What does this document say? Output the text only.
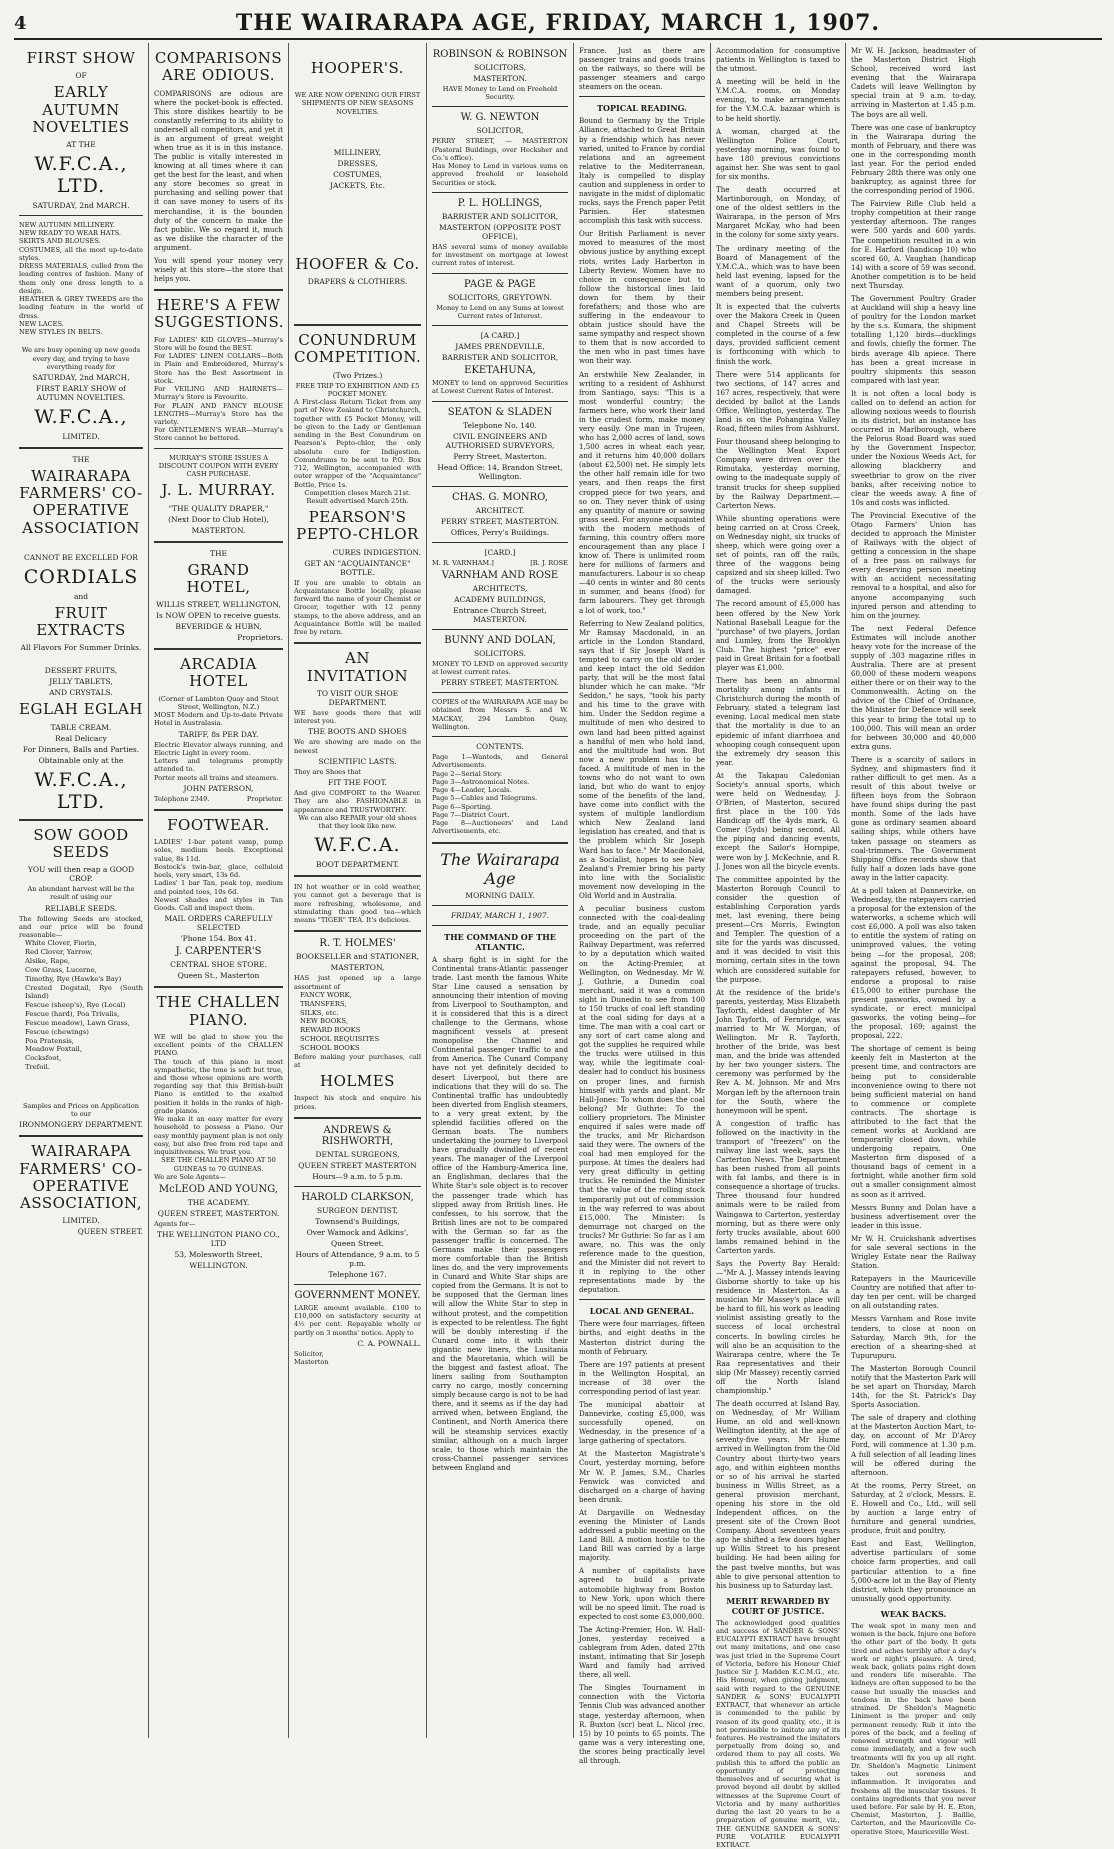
4	THE WAIRARAPA AGE, FRIDAY, MARCH 1, 1907.
FIRST SHOW
OF
EARLY AUTUMN NOVELTIES
AT THE
W.F.C.A., LTD.
SATURDAY, 2nd MARCH.

NEW AUTUMN MILLINERY.

NEW READY TO WEAR HATS.

SKIRTS AND BLOUSES.

COSTUMES, all the most up-to-date styles.

DRESS MATERIALS, culled from the leading centres of fashion. Many of them only one dress length to a design.

HEATHER & GREY TWEEDS are the leading feature in the world of dress.

NEW LACES.

NEW STYLES IN BELTS.

We are busy opening up new goods every day, and trying to have everything ready for

SATURDAY, 2nd MARCH,
FIRST EARLY SHOW of AUTUMN NOVELTIES.
W.F.C.A.,
LIMITED.
THE
WAIRARAPA FARMERS' CO-OPERATIVE ASSOCIATION
CANNOT BE EXCELLED FOR
CORDIALS
and
FRUIT EXTRACTS
All Flavors For Summer Drinks.
DESSERT FRUITS,
JELLY TABLETS,
AND CRYSTALS.
EGLAH EGLAH
TABLE CREAM.
Real Delicacy
For Dinners, Balls and Parties.
Obtainable only at the
W.F.C.A., LTD.
SOW GOOD SEEDS
YOU will then reap a GOOD CROP.

An abundant harvest will be the result of using our

RELIABLE SEEDS.

The following Seeds are stocked, and our price will be found reasonable—

White Clover, Fiorin,

Red Clover, Yarrow,

Alsike, Rape,

Cow Grass, Lucerne,

Timothy, Rye (Hawke's Bay)

Crested Dogstail, Rye (South Island)

Fescue (sheep's), Rye (Local)

Fescue (hard), Poa Trivalis,

Fescue meadow), Lawn Grass,

Fescue (chewings)

Poa Pratensis,

Meadow Foxtail,

Cocksfoot,

Trefoil.

Samples and Prices on Application to our

IRONMONGERY DEPARTMENT.
WAIRARAPA FARMERS' CO-OPERATIVE ASSOCIATION,
LIMITED.
QUEEN STREET.
COMPARISONS ARE ODIOUS.

COMPARISONS are odious are where the pocket-book is effected. This store dislikes heartily to be constantly referring to its ability to undersell all competitors, and yet it is an argument of great weight when true as it is in this instance. The public is vitally interested in knowing at all times where it can get the best for the least, and when any store becomes so great in purchasing and selling power that it can save money to users of its merchandise, it is the bounden duty of the concern to make the fact public. We so regard it, much as we dislike the character of the argument.

You will spend your money very wisely at this store—the store that helps you.

HERE'S A FEW SUGGESTIONS.

For LADIES' KID GLOVES—Murray's Store will be found the BEST.

For LADIES' LINEN COLLARS—Both in Plain and Embroidered, Murray's Store has the Best Assortment in stock.

For VEILING AND HAIRNETS—Murray's Store is Favourite.

For PLAIN AND FANCY BLOUSE LENGTHS—Murray's Store has the variety.

For GENTLEMEN'S WEAR—Murray's Store cannot be bettered.

MURRAY'S STORE ISSUES A DISCOUNT COUPON WITH EVERY CASH PURCHASE.

J. L. MURRAY.
"THE QUALITY DRAPER,"
(Next Door to Club Hotel),
MASTERTON.
THE
GRAND HOTEL,
WILLIS STREET, WELLINGTON,
Is NOW OPEN to receive guests.
BEVERIDGE & HUBN,
Proprietors.
ARCADIA HOTEL

(Corner of Lambton Quay and Stout Street, Wellington, N.Z.)

MOST Modern and Up-to-date Private Hotel in Australasia.

TARIFF, 8s PER DAY.

Electric Elevator always running, and Electric Light in every room.

Letters and telegrams promptly attended to.

Porter meets all trains and steamers.

JOHN PATERSON,
Telephone 2349.	Proprietor.
FOOTWEAR.

LADIES' 1-bar patent vamp, pump soles, medium heels. Exceptional value, 8s 11d.

Bostock's twin-bar, glace, celluloid heels, very smart, 13s 6d.

Ladies' 1 bar Tan, peak top, medium and pointed toes, 10s 6d.

Newest shades and styles in Tan Goods. Call and inspect them.

MAIL ORDERS CAREFULLY SELECTED
'Phone 154. Box 41.
J. CARPENTER'S
CENTRAL SHOE STORE.
Queen St., Masterton
THE CHALLEN PIANO.

WE will be glad to show you the excellent points of the CHALLEN PIANO.

The touch of this piano is most sympathetic, the tone is soft but true, and those whose opinions are worth regarding say that this British-built Piano is entitled to the exalted position it holds in the ranks of high-grade pianos.

We make it an easy matter for every household to possess a Piano. Our easy monthly payment plan is not only easy, but also free from red tape and inquisitiveness. We trust you.

SEE THE CHALLEN PIANO AT 50 GUINEAS to 70 GUINEAS.

We are Sole Agents—

McLEOD AND YOUNG,
THE ACADEMY.
QUEEN STREET, MASTERTON.

Agents for—

THE WELLINGTON PIANO CO., LTD
53, Molesworth Street,
WELLINGTON.
HOOPER'S.

WE ARE NOW OPENING OUR FIRST SHIPMENTS OF NEW SEASONS NOVELTIES.

MILLINERY,
DRESSES,
COSTUMES,
JACKETS, Etc.
HOOFER & Co.
DRAPERS & CLOTHIERS.
CONUNDRUM COMPETITION.
(Two Prizes.)

FREE TRIP TO EXHIBITION AND £5 POCKET MONEY.

A First-class Return Ticket from any part of New Zealand to Christchurch, together with £5 Pocket Money, will be given to the Lady or Gentleman sending in the Best Conundrum on Pearson's Pepto-chlor, the only absolute cure for Indigestion. Conundrums to be sent to P.O. Box 712, Wellington, accompanied with outer wrapper of the "Acquaintance" Bottle, Price 1s.

Competition closes March 21st. Result advertised March 25th.

PEARSON'S PEPTO-CHLOR
CURES INDIGESTION.
GET AN "ACQUAINTANCE" BOTTLE.

If you are unable to obtain an Acquaintance Bottle locally, please forward the name of your Chemist or Grocer, together with 12 penny stamps, to the above address, and an Acquaintance Bottle will be mailed free by return.

AN INVITATION
TO VISIT OUR SHOE DEPARTMENT.

WE have goods there that will interest you.

THE BOOTS AND SHOES

We are showing are made on the newest

SCIENTIFIC LASTS.

They are Shoes that

FIT THE FOOT.

And give COMFORT to the Wearer. They are also FASHIONABLE in appearance and TRUSTWORTHY.

We can also REPAIR your old shoes that they look like new.

W.F.C.A.
BOOT DEPARTMENT.

IN hot weather or in cold weather, you cannot get a beverage that is more refreshing, wholesome, and stimulating than good tea—which means "TIGER" TEA. It's delicious.

R. T. HOLMES'
BOOKSELLER and STATIONER,
MASTERTON,

HAS just opened up a large assortment of

FANCY WORK,

TRANSFERS,

SILKS, etc.

NEW BOOKS,

REWARD BOOKS

SCHOOL REQUISITES

SCHOOL BOOKS

Before making your purchases, call at

HOLMES

Inspect his stock and enquire his prices.

ANDREWS & RISHWORTH,
DENTAL SURGEONS,
QUEEN STREET MASTERTON
Hours—9 a.m. to 5 p.m.
HAROLD CLARKSON,
SURGEON DENTIST,
Townsend's Buildings,
Over Wamock and Adkins',
Queen Street.
Hours of Attendance, 9 a.m. to 5 p.m.
Telephone 167.
GOVERNMENT MONEY.

LARGE amount available. £100 to £10,000 on satisfactory security at 4½ per cent. Repayable wholly or partly on 3 months' notice. Apply to

C. A. POWNALL.

Solicitor,

Masterton

ROBINSON & ROBINSON
SOLICITORS,
MASTERTON.

HAVE Money to Lend on Freehold Security.

W. G. NEWTON
SOLICITOR,

PERRY STREET, — MASTERTON (Pastoral Buildings, over Hecksher and Co.'s office).

Has Money to Lend in various sums on approved freehold or leasehold Securities or stock.

P. L. HOLLINGS,
BARRISTER AND SOLICITOR,
MASTERTON (OPPOSITE POST OFFICE),

HAS several sums of money available for investment on mortgage at lowest current rates of interest.

PAGE & PAGE
SOLICITORS, GREYTOWN.

Money to Lend on any Sums at lowest Current rates of Interest.

[A CARD.]
JAMES PRENDEVILLE,
BARRISTER AND SOLICITOR,
EKETAHUNA,

MONEY to lend on approved Securities at Lowest Current Rates of Interest.

SEATON & SLADEN
Telephone No. 140.
CIVIL ENGINEERS AND AUTHORISED SURVEYORS,
Perry Street, Masterton.
Head Office: 14, Brandon Street, Wellington.
CHAS. G. MONRO,
ARCHITECT.
PERRY STREET, MASTERTON.
Offices, Perry's Buildings.
[CARD.]
M. R. VARNHAM.]	[R. J. ROSE
VARNHAM AND ROSE
ARCHITECTS,
ACADEMY BUILDINGS,
Entrance Church Street, MASTERTON.
BUNNY AND DOLAN,
SOLICITORS.

MONEY TO LEND on approved security at lowest current rates.

PERRY STREET, MASTERTON.

COPIES of the WAIRARAPA AGE may be obtained from Messrs S. and W. MACKAY, 294 Lambton Quay, Wellington.

CONTENTS.

Page 1—Wanteds, and General Advertisements.

Page 2—Serial Story.

Page 3—Astronomical Notes.

Page 4—Leader, Locals.

Page 5—Cables and Telegrams.

Page 6—Sporting.

Page 7—District Court.

Page 8—Auctioneers' and Land Advertisements, etc.

The Wairarapa Age
MORNING DAILY.
FRIDAY, MARCH 1, 1907.
THE COMMAND OF THE ATLANTIC.

A sharp fight is in sight for the Continental trans-Atlantic passenger trade. Last month the famous White Star Line caused a sensation by announcing their intention of moving from Liverpool to Southampton, and it is considered that this is a direct challenge to the Germans, whose magnificent vessels at present monopolise the Channel and Continental passenger traffic to and from America. The Cunard Company have not yet definitely decided to desert Liverpool, but there are indications that they will do so. The Continental traffic has undoubtedly been diverted from English steamers, to a very great extent, by the splendid facilities offered on the German boats. The numbers undertaking the journey to Liverpool have gradually dwindled of recent years. The manager of the Liverpool office of the Hamburg-America line, an Englishman, declares that the White Star's sole object is to recover the passenger trade which has slipped away from British lines. He confesses, to his sorrow, that the British lines are not to be compared with the German so far as the passenger traffic is concerned. The Germans make their passengers more comfortable than the British lines do, and the very improvements in Cunard and White Star ships are copied from the Germans. It is not to be supposed that the German lines will allow the White Star to step in without protest, and the competition is expected to be relentless. The fight will be doubly interesting if the Cunard come into it with their gigantic new liners, the Lusitania and the Mauretania, which will be the biggest and fastest afloat. The liners sailing from Southampton carry no cargo, mostly concerning simply because cargo is not to be had there, and it seems as if the day had arrived when, between England, the Continent, and North America there will be steamship services exactly similar, although on a much larger scale, to those which maintain the cross-Channel passenger services between England and

France. Just as there are passenger trains and goods trains on the railways, so there will be passenger steamers and cargo steamers on the ocean.

TOPICAL READING.

Bound to Germany by the Triple Alliance, attached to Great Britain by a friendship which has never varied, united to France by cordial relations and an agreement relative to the Mediterranean, Italy is compelled to display caution and suppleness in order to navigate in the midst of diplomatic rocks, says the French paper Petit Parisien. Her statesmen accomplish this task with success.

Our British Parliament is never moved to measures of the most obvious justice by anything except riots, writes Lady Harberton in Liberty Review. Women have no choice in consequence but to follow the historical lines laid down for them by their forefathers; and those who are suffering in the endeavour to obtain justice should have the same sympathy and respect shown to them that is now accorded to the men who in past times have won their way.

An erstwhile New Zealander, in writing to a resident of Ashhurst from Santiago, says: "This is a most wonderful country; the farmers here, who work their land in the crudest form, make money very easily. One man in Trujeen, who has 2,000 acres of land, sows 1,500 acres in wheat each year, and it returns him 40,000 dollars (about £2,500) net. He simply lets the other half remain idle for two years, and then reaps the first cropped piece for two years, and so on. They never think of using any quantity of manure or sowing grass seed. For anyone acquainted with the modern methods of farming, this country offers more encouragement than any place I know of. There is unlimited room here for millions of farmers and manufacturers. Labour is so cheap—40 cents in winter and 80 cents in summer, and beans (food) for farm labourers. They get through a lot of work, too."

Referring to New Zealand politics, Mr Ramsay Macdonald, in an article in the London Standard, says that if Sir Joseph Ward is tempted to carry on the old order and keep intact the old Seddon party, that will be the most fatal blunder which he can make. "Mr Seddon," he says, "took his party and his time to the grave with him. Under the Seddon regime a multitude of men who desired to own land had been pitted against a handful of men who hold land, and the multitude had won. But now a new problem has to be faced. A multitude of men in the towns who do not want to own land, but who do want to enjoy some of the benefits of the land, have come into conflict with the system of multiple landlordism which New Zealand land legislation has created, and that is the problem which Sir Joseph Ward has to face." Mr Macdonald, as a Socialist, hopes to see New Zealand's Premier bring his party into line with the Socialistic movement now developing in the Old World and in Australia.

A peculiar business custom connected with the coal-dealing trade, and an equally peculiar proceeding on the part of the Railway Department, was referred to by a deputation which waited on the Acting-Premier, at Wellington, on Wednesday. Mr W. J. Guthrie, a Dunedin coal merchant, said it was a common sight in Dunedin to see from 100 to 150 trucks of coal left standing at the coal siding for days at a time. The man with a coal cart or any sort of cart came along and got the supplies he required while the trucks were utilised in this way, while the legitimate coal-dealer had to conduct his business on proper lines, and furnish himself with yards and plant. Mr Hall-Jones: To whom does the coal belong? Mr Guthrie: To the colliery proprietors. The Minister enquired if sales were made off the trucks, and Mr Richardson said they were. The owners of the coal had men employed for the purpose. At times the dealers had very great difficulty in getting trucks. He reminded the Minister that the value of the rolling stock temporarily put out of commission in the way referred to was about £15,000. The Minister: Is demurrage not charged on the trucks? Mr Guthrie: So far as I am aware, no. This was the only reference made to the question, and the Minister did not revert to it in replying to the other representations made by the deputation.

LOCAL AND GENERAL.

There were four marriages, fifteen births, and eight deaths in the Masterton district during the month of February.

There are 197 patients at present in the Wellington Hospital, an increase of 38 over the corresponding period of last year.

The municipal abattoir at Dannevirke, costing £5,000, was successfully opened, on Wednesday, in the presence of a large gathering of spectators.

At the Masterton Magistrate's Court, yesterday morning, before Mr W. P. James, S.M., Charles Fenwick was convicted and discharged on a charge of having been drunk.

At Dargaville on Wednesday evening the Minister of Lands addressed a public meeting on the Land Bill. A motion hostile to the Land Bill was carried by a large majority.

A number of capitalists have agreed to build a private automobile highway from Boston to New York, upon which there will be no speed limit. The road is expected to cost some £3,000,000.

The Acting-Premier, Hon. W. Hall-Jones, yesterday received a cablegram from Aden, dated 27th instant, intimating that Sir Joseph Ward and family had arrived there, all well.

The Singles Tournament in connection with the Victoria Tennis Club was advanced another stage, yesterday afternoon, when R. Buxton (scr) beat L. Nicol (rec. 15) by 10 points to 65 points. The game was a very interesting one, the scores being practically level all through.

Accommodation for consumptive patients in Wellington is taxed to the utmost.

A meeting will be held in the Y.M.C.A. rooms, on Monday evening, to make arrangements for the Y.M.C.A. bazaar which is to be held shortly.

A woman, charged at the Wellington Police Court, yesterday morning, was found to have 180 previous convictions against her. She was sent to gaol for six months.

The death occurred at Martinborough, on Monday, of one of the oldest settlers in the Wairarapa, in the person of Mrs Margaret McKay, who had been in the colony for some sixty years.

The ordinary meeting of the Board of Management of the Y.M.C.A., which was to have been held last evening, lapsed for the want of a quorum, only two members being present.

It is expected that the culverts over the Makora Creek in Queen and Chapel Streets will be completed in the course of a few days, provided sufficient cement is forthcoming with which to finish the work.

There were 514 applicants for two sections, of 147 acres and 167 acres, respectively, that were decided by ballot at the Lands Office, Wellington, yesterday. The land is on the Pohangina Valley Road, fifteen miles from Ashhurst.

Four thousand sheep belonging to the Wellington Meat Export Company were driven over the Rimutaka, yesterday morning, owing to the inadequate supply of transit trucks for sheep supplied by the Railway Department.—Carterton News.

While shunting operations were being carried on at Cross Creek, on Wednesday night, six trucks of sheep, which were going over a set of points, ran off the rails, three of the waggons being capsized and six sheep killed. Two of the trucks were seriously damaged.

The record amount of £5,000 has been offered by the New York National Baseball League for the "purchase" of two players, Jordan and Lumley, from the Brooklyn Club. The highest "price" ever paid in Great Britain for a football player was £1,000.

There has been an abnormal mortality among infants in Christchurch during the month of February, stated a telegram last evening. Local medical men state that the mortality is due to an epidemic of infant diarrhoea and whooping cough consequent upon the extremely dry season this year.

At the Takapau Caledonian Society's annual sports, which were held on Wednesday, J. O'Brien, of Masterton, secured first place in the 100 Yds Handicap off the 4yds mark, G. Comer (5yds) being second. All the piping and dancing events, except the Sailor's Hornpipe, were won by J. McKechnie, and R. J. Jones won all the bicycle events.

The committee appointed by the Masterton Borough Council to consider the question of establishing Corporation yards met, last evening, there being present—Crs Morris, Ewington and Templer. The question of a site for the yards was discussed, and it was decided to visit this morning, certain sites in the town which are considered suitable for the purpose.

At the residence of the bride's parents, yesterday, Miss Elizabeth Tayforth, eldest daughter of Mr John Tayforth, of Fernridge, was married to Mr W. Morgan, of Wellington. Mr R. Tayforth, brother of the bride, was best man, and the bride was attended by her two younger sisters. The ceremony was performed by the Rev A. M. Johnson. Mr and Mrs Morgan left by the afternoon train for the South, where the honeymoon will be spent.

A congestion of traffic has followed on the inactivity in the transport of "freezers" on the railway line last week, says the Carterton News. The Department has been rushed from all points with fat lambs, and there is in consequence a shortage of trucks. Three thousand four hundred animals were to be railed from Waingawa to Carterton, yesterday morning, but as there were only forty trucks available, about 600 lambs remained behind in the Carterton yards.

Says the Poverty Bay Herald:—"Mr A. J. Massey intends leaving Gisborne shortly to take up his residence in Masterton. As a musician Mr Massey's place will be hard to fill, his work as leading violinist assisting greatly to the success of local orchestral concerts. In bowling circles he will also be an acquisition to the Wairarapa centre, where the Te Raa representatives and their skip (Mr Massey) recently carried off the North Island championship."

The death occurred at Island Bay, on Wednesday, of Mr William Hume, an old and well-known Wellington identity, at the age of seventy-five years. Mr Hume arrived in Wellington from the Old Country about thirty-two years ago, and within eighteen months or so of his arrival he started business in Willis Street, as a general provision merchant, opening his store in the old Independent offices, on the present site of the Crown Boot Company. About seventeen years ago he shifted a few doors higher up Willis Street to his present building. He had been ailing for the past twelve months, but was able to give personal attention to his business up to Saturday last.

MERIT REWARDED BY COURT OF JUSTICE.

The acknowledged good qualities and success of SANDER & SONS' EUCALYPTI EXTRACT have brought out many imitations, and one case was just tried in the Supreme Court of Victoria, before his Honour Chief Justice Sir J. Madden K.C.M.G., etc. His Honour, when giving judgment, said with regard to the GENUINE SANDER & SONS' EUCALYPTI EXTRACT, that whenever an article is commended to the public by reason of its good quality, etc., it is not permissible to imitate any of its features. He restrained the imitators perpetually from doing so, and ordered them to pay all costs. We publish this to afford the public an opportunity of protecting themselves and of securing what is proved beyond all doubt by skilled witnesses at the Supreme Court of Victoria and by many authorities during the last 20 years to be a preparation of genuine merit, viz., THE GENUINE SANDER & SONS' PURE VOLATILE EUCALYPTI EXTRACT.

Mr W. H. Jackson, headmaster of the Masterton District High School, received word last evening that the Wairarapa Cadets will leave Wellington by special train at 9 a.m. to-day, arriving in Masterton at 1.45 p.m. The boys are all well.

There was one case of bankruptcy in the Wairarapa during the month of February, and there was one in the corresponding month last year. For the period ended February 28th there was only one bankruptcy, as against three for the corresponding period of 1906.

The Fairview Rifle Club held a trophy competition at their range yesterday afternoon. The ranges were 500 yards and 600 yards. The competition resulted in a win for E. Harford (handicap 10) who scored 60, A. Vaughan (handicap 14) with a score of 59 was second. Another competition is to be held next Thursday.

The Government Poultry Grader at Auckland will ship a heavy line of poultry for the London market by the s.s. Kumara, the shipment totalling 1,120 birds—ducklings and fowls, chiefly the former. The birds average 4lb apiece. There has been a great increase in poultry shipments this season compared with last year.

It is not often a local body is called on to defend an action for allowing noxious weeds to flourish in its district, but an instance has occurred in Marlborough, where the Pelorus Road Board was sued by the Government Inspector, under the Noxious Weeds Act, for allowing blackberry and sweetbriar to grow on the river banks, after receiving notice to clear the weeds away. A fine of 10s and costs was inflicted.

The Provincial Executive of the Otago Farmers' Union has decided to approach the Minister of Railways with the object of getting a concession in the shape of a free pass on railways for every deserving person meeting with an accident necessitating removal to a hospital, and also for anyone accompanying such injured person and attending to him on the journey.

The next Federal Defence Estimates will include another heavy vote for the increase of the supply of .303 magazine rifles in Australia. There are at present 60,000 of these modern weapons either there or on their way to the Commonwealth. Acting on the advice of the Chief of Ordnance, the Minister for Defence will seek this year to bring the total up to 100,000. This will mean an order for between 30,000 and 40,000 extra guns.

There is a scarcity of sailors in Sydney, and shipmasters find it rather difficult to get men. As a result of this about twelve or fifteen boys from the Sobraon have found ships during the past month. Some of the lads have gone as ordinary seamen aboard sailing ships, while others have taken passage on steamers as coal-trimmers. The Government Shipping Office records show that fully half a dozen lads have gone away in the latter capacity.

At a poll taken at Dannevirke, on Wednesday, the ratepayers carried a proposal for the extension of the waterworks, a scheme which will cost £6,000. A poll was also taken to entitle the system of rating on unimproved values, the voting being —for the proposal, 208; against the proposal, 94. The ratepayers refused, however, to endorse a proposal to raise £15,000 to either purchase the present gasworks, owned by a syndicate, or erect municipal gasworks, the voting being—for the proposal, 169; against the proposal, 222.

The shortage of cement is being keenly felt in Masterton at the present time, and contractors are being put to considerable inconvenience owing to there not being sufficient material on hand to commence or complete contracts. The shortage is attributed to the fact that the cement works at Auckland are temporarily closed down, while undergoing repairs. One Masterton firm disposed of a thousand bags of cement in a fortnight, while another firm sold out a smaller consignment almost as soon as it arrived.

Messrs Bunny and Dolan have a business advertisement over the leader in this issue.

Mr W. H. Cruickshank advertises for sale several sections in the Wrigley Estate near the Railway Station.

Ratepayers in the Mauriceville Country are notified that after to-day ten per cent. will be charged on all outstanding rates.

Messrs Varnham and Rose invite tenders, to close at noon on Saturday, March 9th, for the erection of a shearing-shed at Tupurupuru.

The Masterton Borough Council notify that the Masterton Park will be set apart on Thursday, March 14th, for the St. Patrick's Day Sports Association.

The sale of drapery and clothing at the Masterton Auction Mart, to-day, on account of Mr D'Arcy Ford, will commence at 1.30 p.m. A full selection of all leading lines will be offered during the afternoon.

At the rooms, Perry Street, on Saturday, at 2 o'clock, Messrs. E. E. Howell and Co., Ltd., will sell by auction a large entry of furniture and general sundries, produce, fruit and poultry.

East and East, Wellington, advertise particulars of some choice farm properties, and call particular attention to a fine 5,000-acre lot in the Bay of Plenty district, which they pronounce an unusually good opportunity.

WEAK BACKS.

The weak spot in many men and women is the back. Injure one before the other part of the body. It gets tired and aches terribly after a day's work or night's pleasure. A tired, weak back, goliats pains right down and renders life miserable. The kidneys are often supposed to be the cause but usually the muscles and tendons in the back have been strained. Dr Sheldon's Magnetic Liniment is the proper and only permanent remedy. Rub it into the pores of the back, and a feeling of renewed strength and vigour will come immediately, and a few such treatments will fix you up all right. Dr. Sheldon's Magnetic Liniment takes out soreness and inflammation. It invigorates and freshens all the muscular tissues. It contains ingredients that you never used before. For sale by H. E. Eton, Chemist, Masterton, J. Baillie, Carterton, and the Mauriceville Co-operative Store, Mauriceville West.
